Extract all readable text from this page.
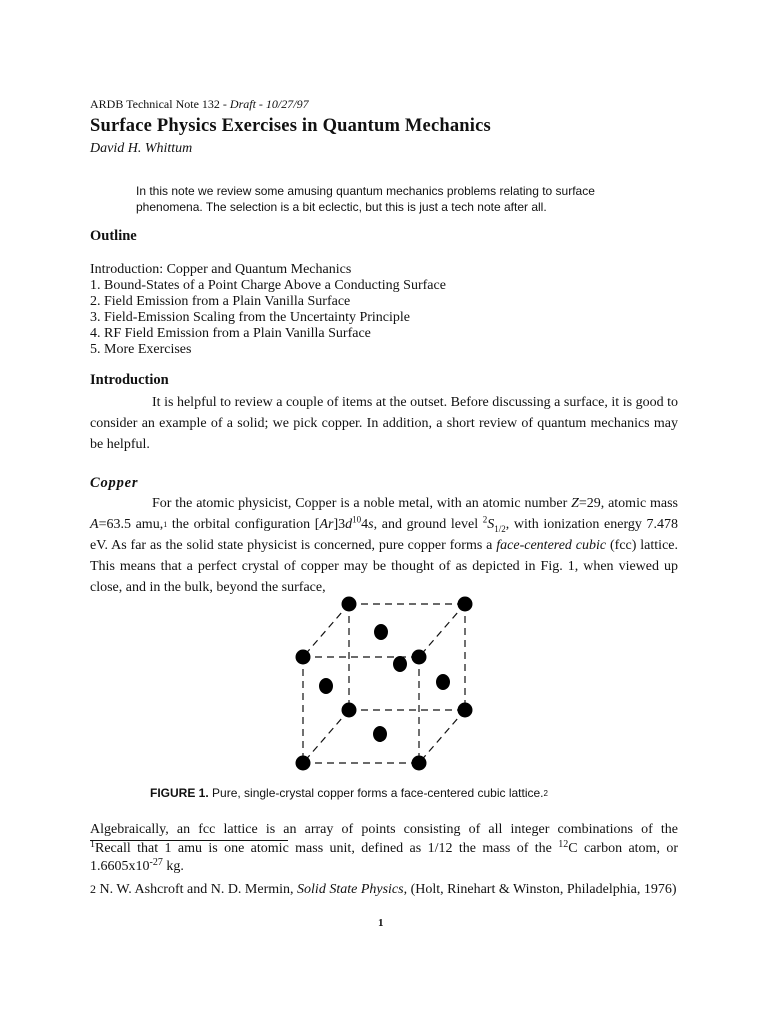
ARDB Technical Note 132 - Draft - 10/27/97
Surface Physics Exercises in Quantum Mechanics
David H. Whittum

In this note we review some amusing quantum mechanics problems relating to surface phenomena. The selection is a bit eclectic, but this is just a tech note after all.

Outline
Introduction: Copper and Quantum Mechanics
1. Bound-States of a Point Charge Above a Conducting Surface
2. Field Emission from a Plain Vanilla Surface
3. Field-Emission Scaling from the Uncertainty Principle
4. RF Field Emission from a Plain Vanilla Surface
5. More Exercises
Introduction

It is helpful to review a couple of items at the outset. Before discussing a surface, it is good to consider an example of a solid; we pick copper. In addition, a short review of quantum mechanics may be helpful.

Copper

For the atomic physicist, Copper is a noble metal, with an atomic number Z=29, atomic mass A=63.5 amu,1 the orbital configuration $[Ar]3d^{10}4s$, and ground level $^2S_{1/2}$, with ionization energy 7.478 eV. As far as the solid state physicist is concerned, pure copper forms a face-centered cubic (fcc) lattice. This means that a perfect crystal of copper may be thought of as depicted in Fig. 1, when viewed up close, and in the bulk, beyond the surface,

FIGURE 1. Pure, single-crystal copper forms a face-centered cubic lattice.$^2$

Algebraically, an fcc lattice is an array of points consisting of all integer combinations of the

$^1$Recall that 1 amu is one atomic mass unit, defined as 1/12 the mass of the $^{12}$C carbon atom, or $1.6605x10^{-27}$ kg.

2 N. W. Ashcroft and N. D. Mermin, Solid State Physics, (Holt, Rinehart & Winston, Philadelphia, 1976)

1
